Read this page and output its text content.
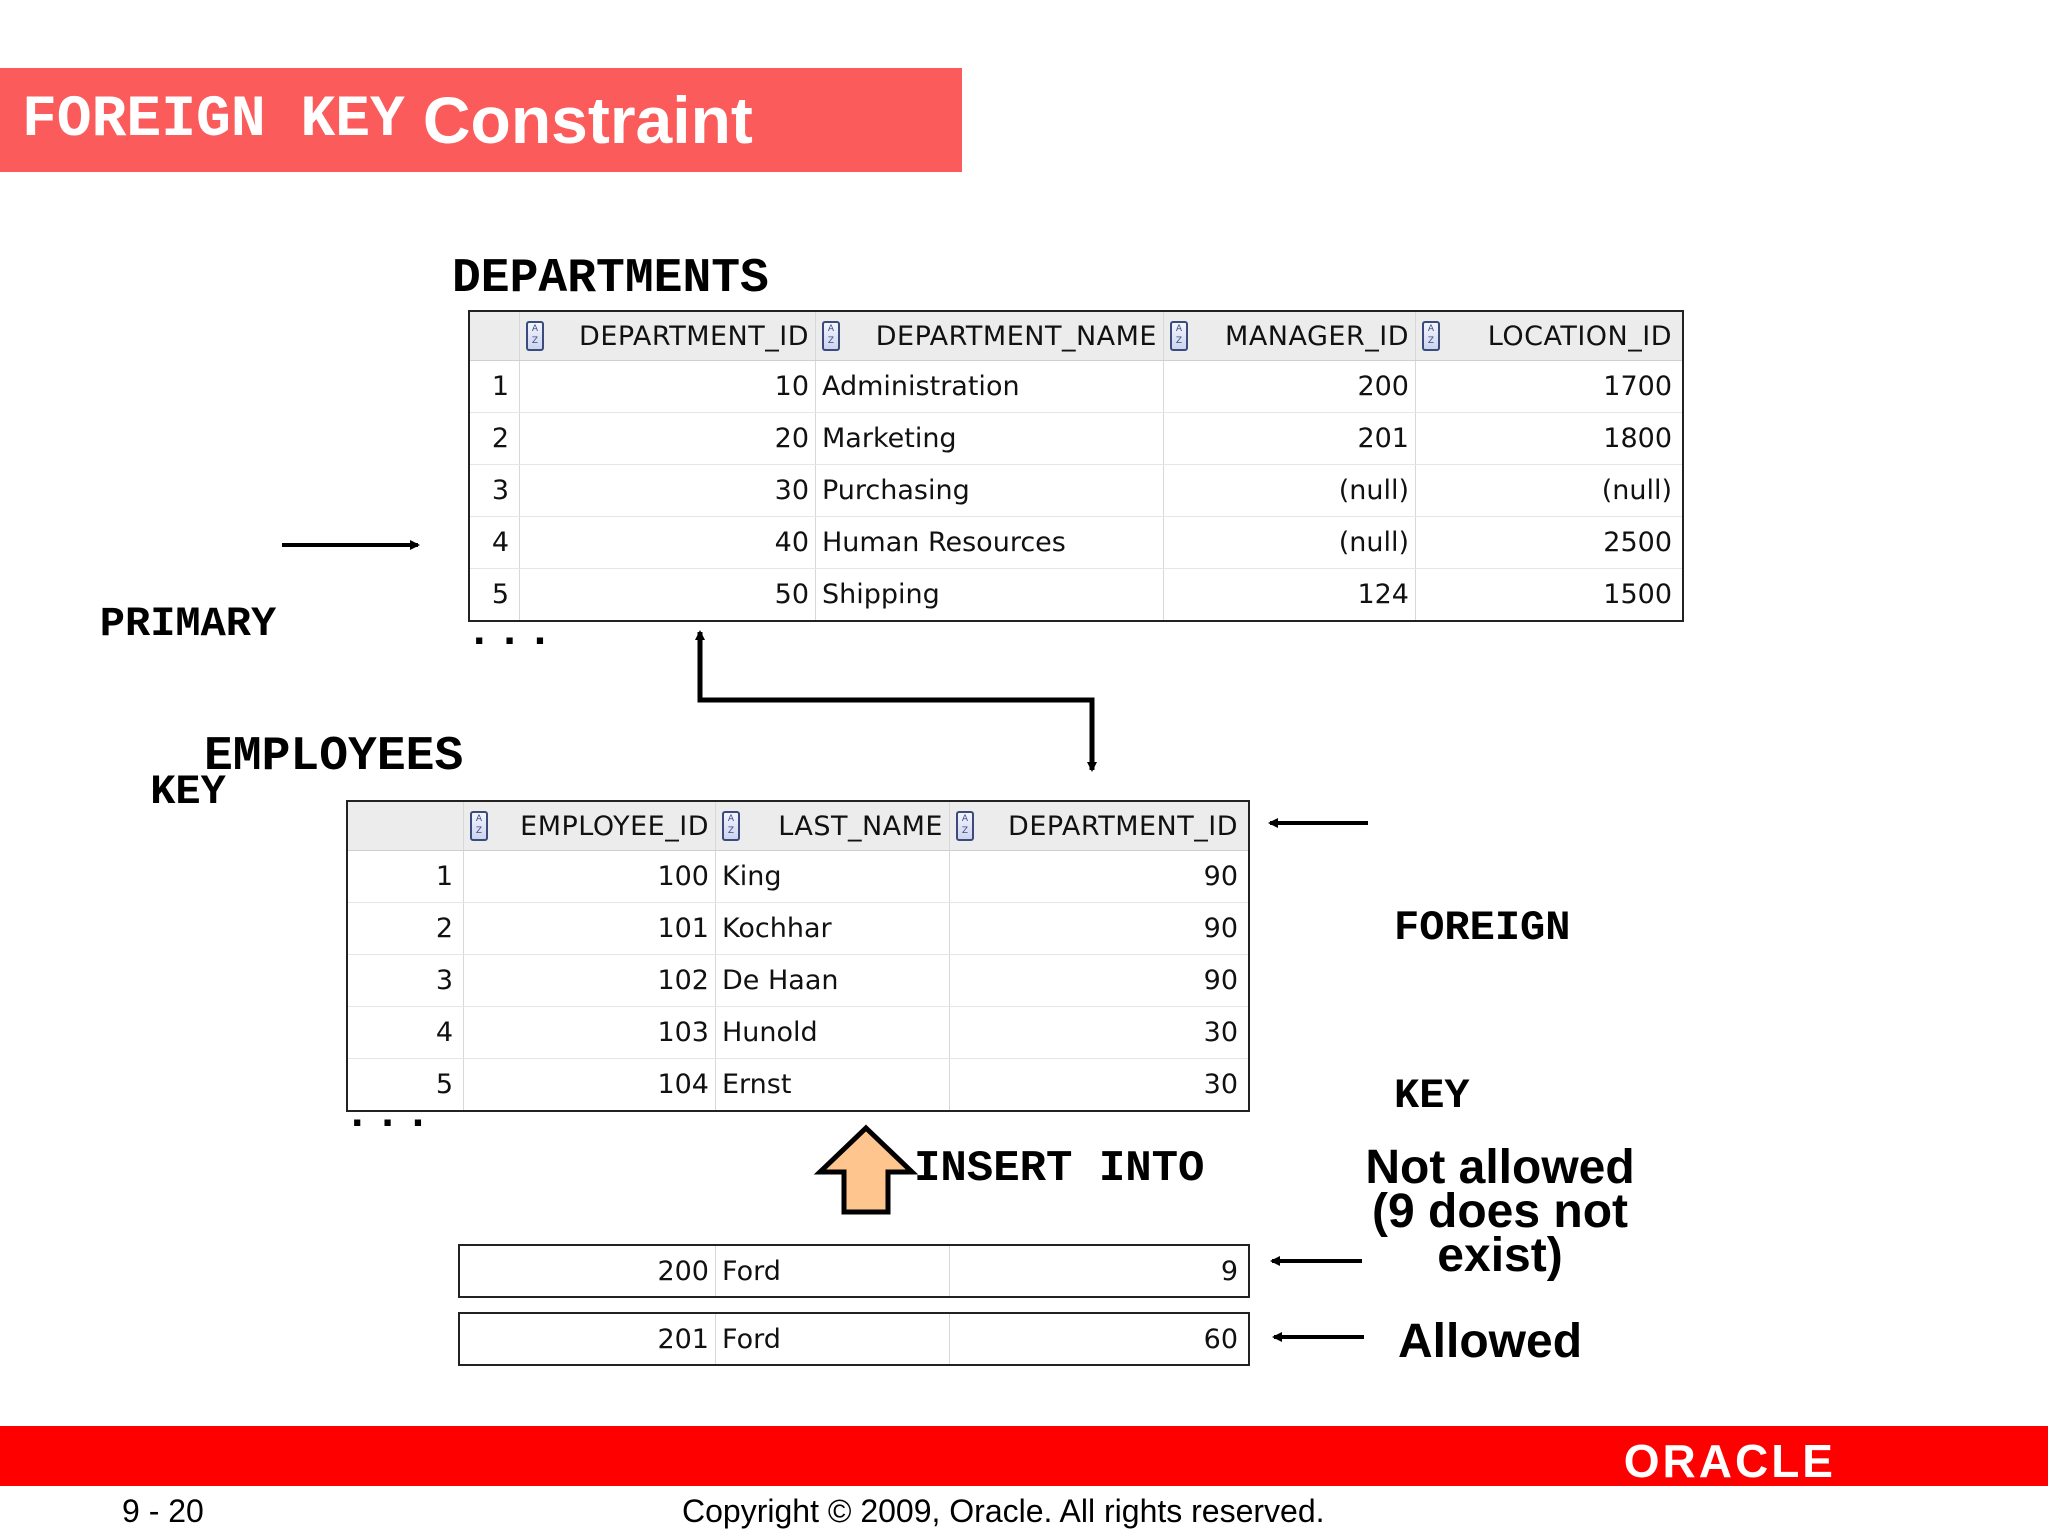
FOREIGN KEY Constraint
DEPARTMENTS
A
Z DEPARTMENT_ID	A
Z DEPARTMENT_NAME	A
Z MANAGER_ID	A
Z LOCATION_ID
1	10 Administration	200	1700
2	20 Marketing	201	1800
3	30 Purchasing	(null)	(null)
4	40 Human Resources	(null)	2500
5	50 Shipping	124	1500
...

PRIMARY

KEY

EMPLOYEES
A
Z EMPLOYEE_ID	A
Z LAST_NAME	A
Z DEPARTMENT_ID
1	100 King	90
2	101 Kochhar	90
3	102 De Haan	90
4	103 Hunold	30
5	104 Ernst	30
...

FOREIGN

KEY

INSERT INTO
200 Ford	9
201 Ford	60
Not allowed
(9 does not
exist)
Allowed
ORACLE
9 - 20	Copyright © 2009, Oracle. All rights reserved.
